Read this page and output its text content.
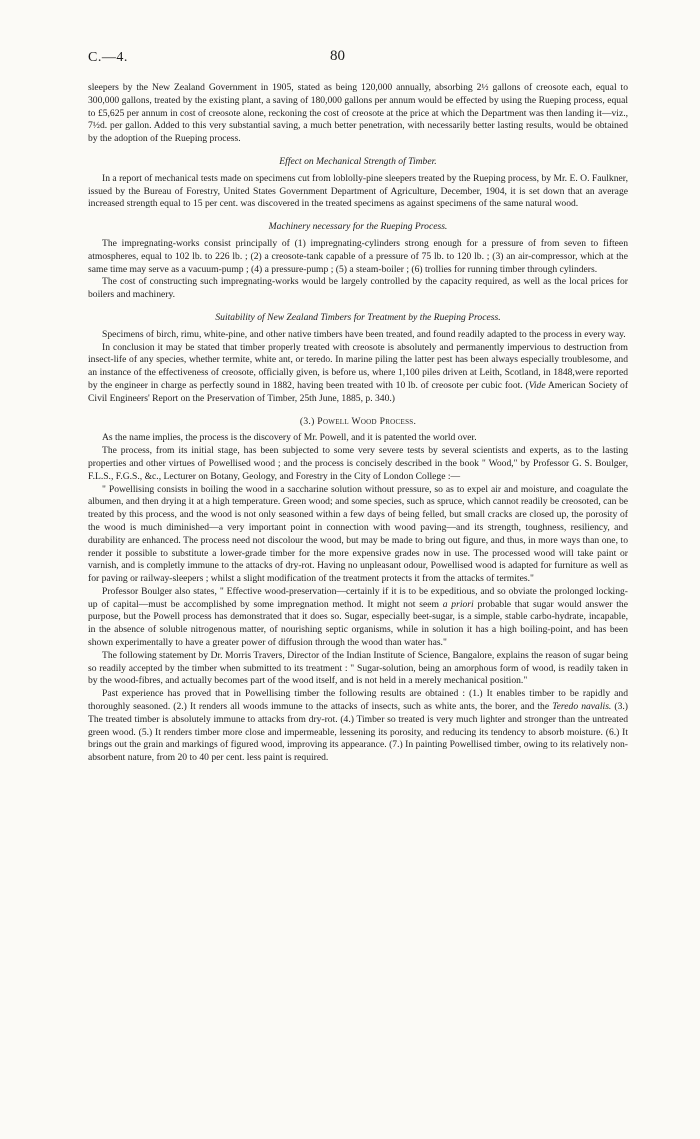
C.—4.	80

sleepers by the New Zealand Government in 1905, stated as being 120,000 annually, absorbing 2½ gallons of creosote each, equal to 300,000 gallons, treated by the existing plant, a saving of 180,000 gallons per annum would be effected by using the Rueping process, equal to £5,625 per annum in cost of creosote alone, reckoning the cost of creosote at the price at which the Department was then landing it—viz., 7½d. per gallon. Added to this very substantial saving, a much better penetration, with necessarily better lasting results, would be obtained by the adoption of the Rueping process.

Effect on Mechanical Strength of Timber.

In a report of mechanical tests made on specimens cut from loblolly-pine sleepers treated by the Rueping process, by Mr. E. O. Faulkner, issued by the Bureau of Forestry, United States Government Department of Agriculture, December, 1904, it is set down that an average increased strength equal to 15 per cent. was discovered in the treated specimens as against specimens of the same natural wood.

Machinery necessary for the Rueping Process.

The impregnating-works consist principally of (1) impregnating-cylinders strong enough for a pressure of from seven to fifteen atmospheres, equal to 102 lb. to 226 lb. ; (2) a creosote-tank capable of a pressure of 75 lb. to 120 lb. ; (3) an air-compressor, which at the same time may serve as a vacuum-pump ; (4) a pressure-pump ; (5) a steam-boiler ; (6) trollies for running timber through cylinders.

The cost of constructing such impregnating-works would be largely controlled by the capacity required, as well as the local prices for boilers and machinery.

Suitability of New Zealand Timbers for Treatment by the Rueping Process.

Specimens of birch, rimu, white-pine, and other native timbers have been treated, and found readily adapted to the process in every way.

In conclusion it may be stated that timber properly treated with creosote is absolutely and permanently impervious to destruction from insect-life of any species, whether termite, white ant, or teredo. In marine piling the latter pest has been always especially troublesome, and an instance of the effectiveness of creosote, officially given, is before us, where 1,100 piles driven at Leith, Scotland, in 1848,were reported by the engineer in charge as perfectly sound in 1882, having been treated with 10 lb. of creosote per cubic foot. (Vide American Society of Civil Engineers' Report on the Preservation of Timber, 25th June, 1885, p. 340.)

(3.) Powell Wood Process.

As the name implies, the process is the discovery of Mr. Powell, and it is patented the world over.

The process, from its initial stage, has been subjected to some very severe tests by several scientists and experts, as to the lasting properties and other virtues of Powellised wood ; and the process is concisely described in the book " Wood," by Professor G. S. Boulger, F.L.S., F.G.S., &c., Lecturer on Botany, Geology, and Forestry in the City of London College :—

" Powellising consists in boiling the wood in a saccharine solution without pressure, so as to expel air and moisture, and coagulate the albumen, and then drying it at a high temperature. Green wood; and some species, such as spruce, which cannot readily be creosoted, can be treated by this process, and the wood is not only seasoned within a few days of being felled, but small cracks are closed up, the porosity of the wood is much diminished—a very important point in connection with wood paving—and its strength, toughness, resiliency, and durability are enhanced. The process need not discolour the wood, but may be made to bring out figure, and thus, in more ways than one, to render it possible to substitute a lower-grade timber for the more expensive grades now in use. The processed wood will take paint or varnish, and is completly immune to the attacks of dry-rot. Having no unpleasant odour, Powellised wood is adapted for furniture as well as for paving or railway-sleepers ; whilst a slight modification of the treatment protects it from the attacks of termites."

Professor Boulger also states, " Effective wood-preservation—certainly if it is to be expeditious, and so obviate the prolonged locking-up of capital—must be accomplished by some impregnation method. It might not seem a priori probable that sugar would answer the purpose, but the Powell process has demonstrated that it does so. Sugar, especially beet-sugar, is a simple, stable carbo-hydrate, incapable, in the absence of soluble nitrogenous matter, of nourishing septic organisms, while in solution it has a high boiling-point, and has been shown experimentally to have a greater power of diffusion through the wood than water has."

The following statement by Dr. Morris Travers, Director of the Indian Institute of Science, Bangalore, explains the reason of sugar being so readily accepted by the timber when submitted to its treatment : " Sugar-solution, being an amorphous form of wood, is readily taken in by the wood-fibres, and actually becomes part of the wood itself, and is not held in a merely mechanical position."

Past experience has proved that in Powellising timber the following results are obtained : (1.) It enables timber to be rapidly and thoroughly seasoned. (2.) It renders all woods immune to the attacks of insects, such as white ants, the borer, and the Teredo navalis. (3.) The treated timber is absolutely immune to attacks from dry-rot. (4.) Timber so treated is very much lighter and stronger than the untreated green wood. (5.) It renders timber more close and impermeable, lessening its porosity, and reducing its tendency to absorb moisture. (6.) It brings out the grain and markings of figured wood, improving its appearance. (7.) In painting Powellised timber, owing to its relatively non-absorbent nature, from 20 to 40 per cent. less paint is required.
